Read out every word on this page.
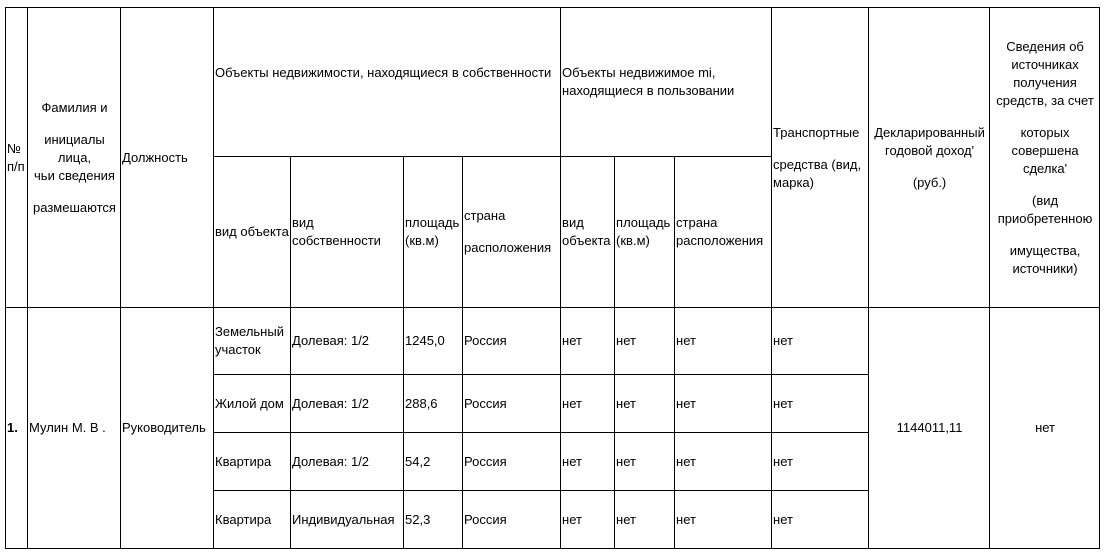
№ п/п	Фамилия и
инициалы лица,
чьи сведения
размешаются	Должность	Объекты недвижимости, находящиеся в собственности				Объекты недвижимое mi, находящиеся в пользовании			Транспортные
средства (вид, марка)	Декларированный годовой доход'
(руб.)	Сведения об источниках получения средств, за счет
которых совершена сделка'
(вид приобретенною
имущества, источники)

			вид объекта	вид собственности	площадь (кв.м)	страна
расположения	вид объекта	площадь (кв.м)	страна расположения			
1.	Мулин М. В .	Руководитель	Земельный участок	Долевая: 1/2	1245,0	Россия	нет	нет	нет	нет	1144011,11	нет
			Жилой дом	Долевая: 1/2	288,6	Россия	нет	нет	нет	нет		
			Квартира	Долевая: 1/2	54,2	Россия	нет	нет	нет	нет		
			Квартира	Индивидуальная	52,3	Россия	нет	нет	нет	нет		
